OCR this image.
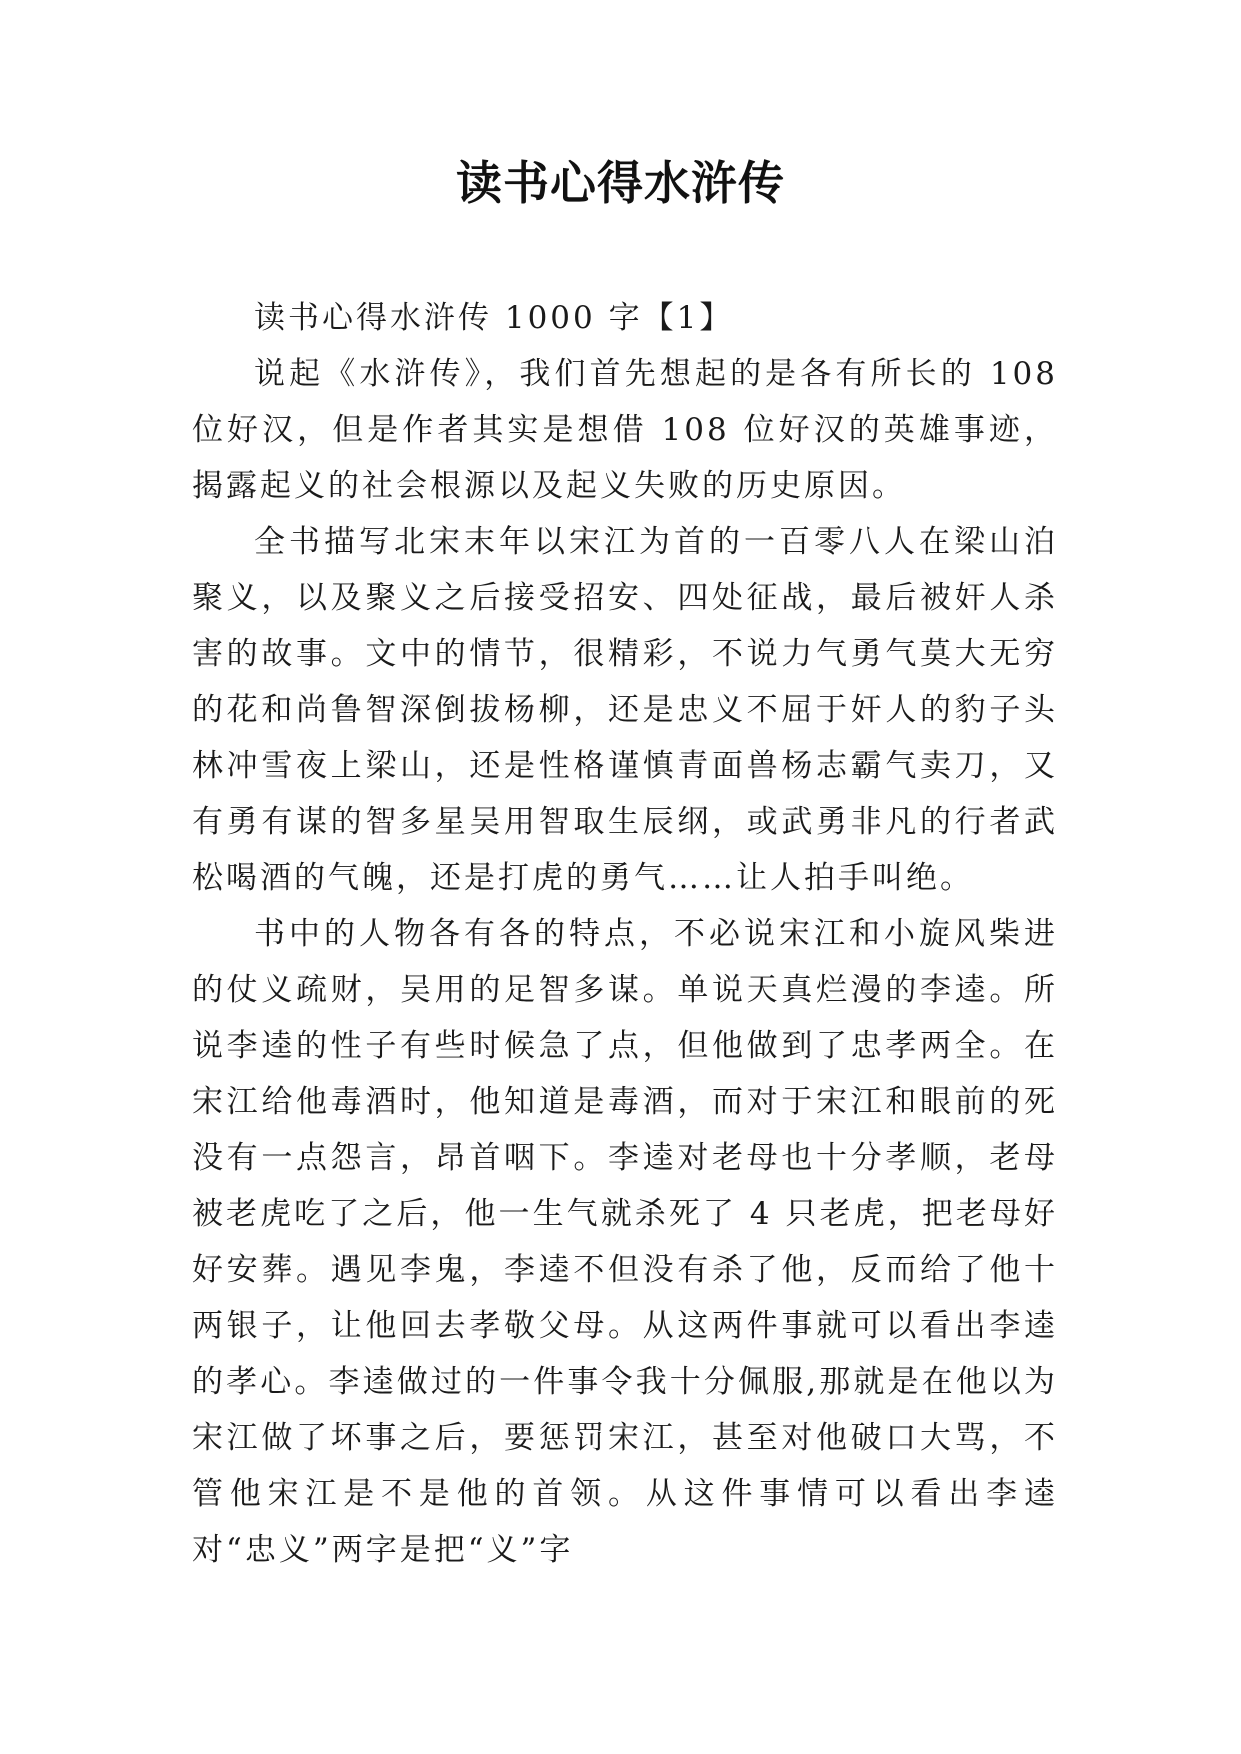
读书心得水浒传

读书心得水浒传 1000 字【1】

说起《水浒传》，我们首先想起的是各有所长的 108 位好汉，但是作者其实是想借 108 位好汉的英雄事迹，揭露起义的社会根源以及起义失败的历史原因。

全书描写北宋末年以宋江为首的一百零八人在梁山泊聚义，以及聚义之后接受招安、四处征战，最后被奸人杀害的故事。文中的情节，很精彩，不说力气勇气莫大无穷的花和尚鲁智深倒拔杨柳，还是忠义不屈于奸人的豹子头林冲雪夜上梁山，还是性格谨慎青面兽杨志霸气卖刀，又有勇有谋的智多星吴用智取生辰纲，或武勇非凡的行者武松喝酒的气魄，还是打虎的勇气……让人拍手叫绝。

书中的人物各有各的特点，不必说宋江和小旋风柴进的仗义疏财，吴用的足智多谋。单说天真烂漫的李逵。所说李逵的性子有些时候急了点，但他做到了忠孝两全。在宋江给他毒酒时，他知道是毒酒，而对于宋江和眼前的死没有一点怨言，昂首咽下。李逵对老母也十分孝顺，老母被老虎吃了之后，他一生气就杀死了 4 只老虎，把老母好好安葬。遇见李鬼，李逵不但没有杀了他，反而给了他十两银子，让他回去孝敬父母。从这两件事就可以看出李逵的孝心。李逵做过的一件事令我十分佩服,那就是在他以为宋江做了坏事之后，要惩罚宋江，甚至对他破口大骂，不管他宋江是不是他的首领。从这件事情可以看出李逵对“忠义”两字是把“义”字
